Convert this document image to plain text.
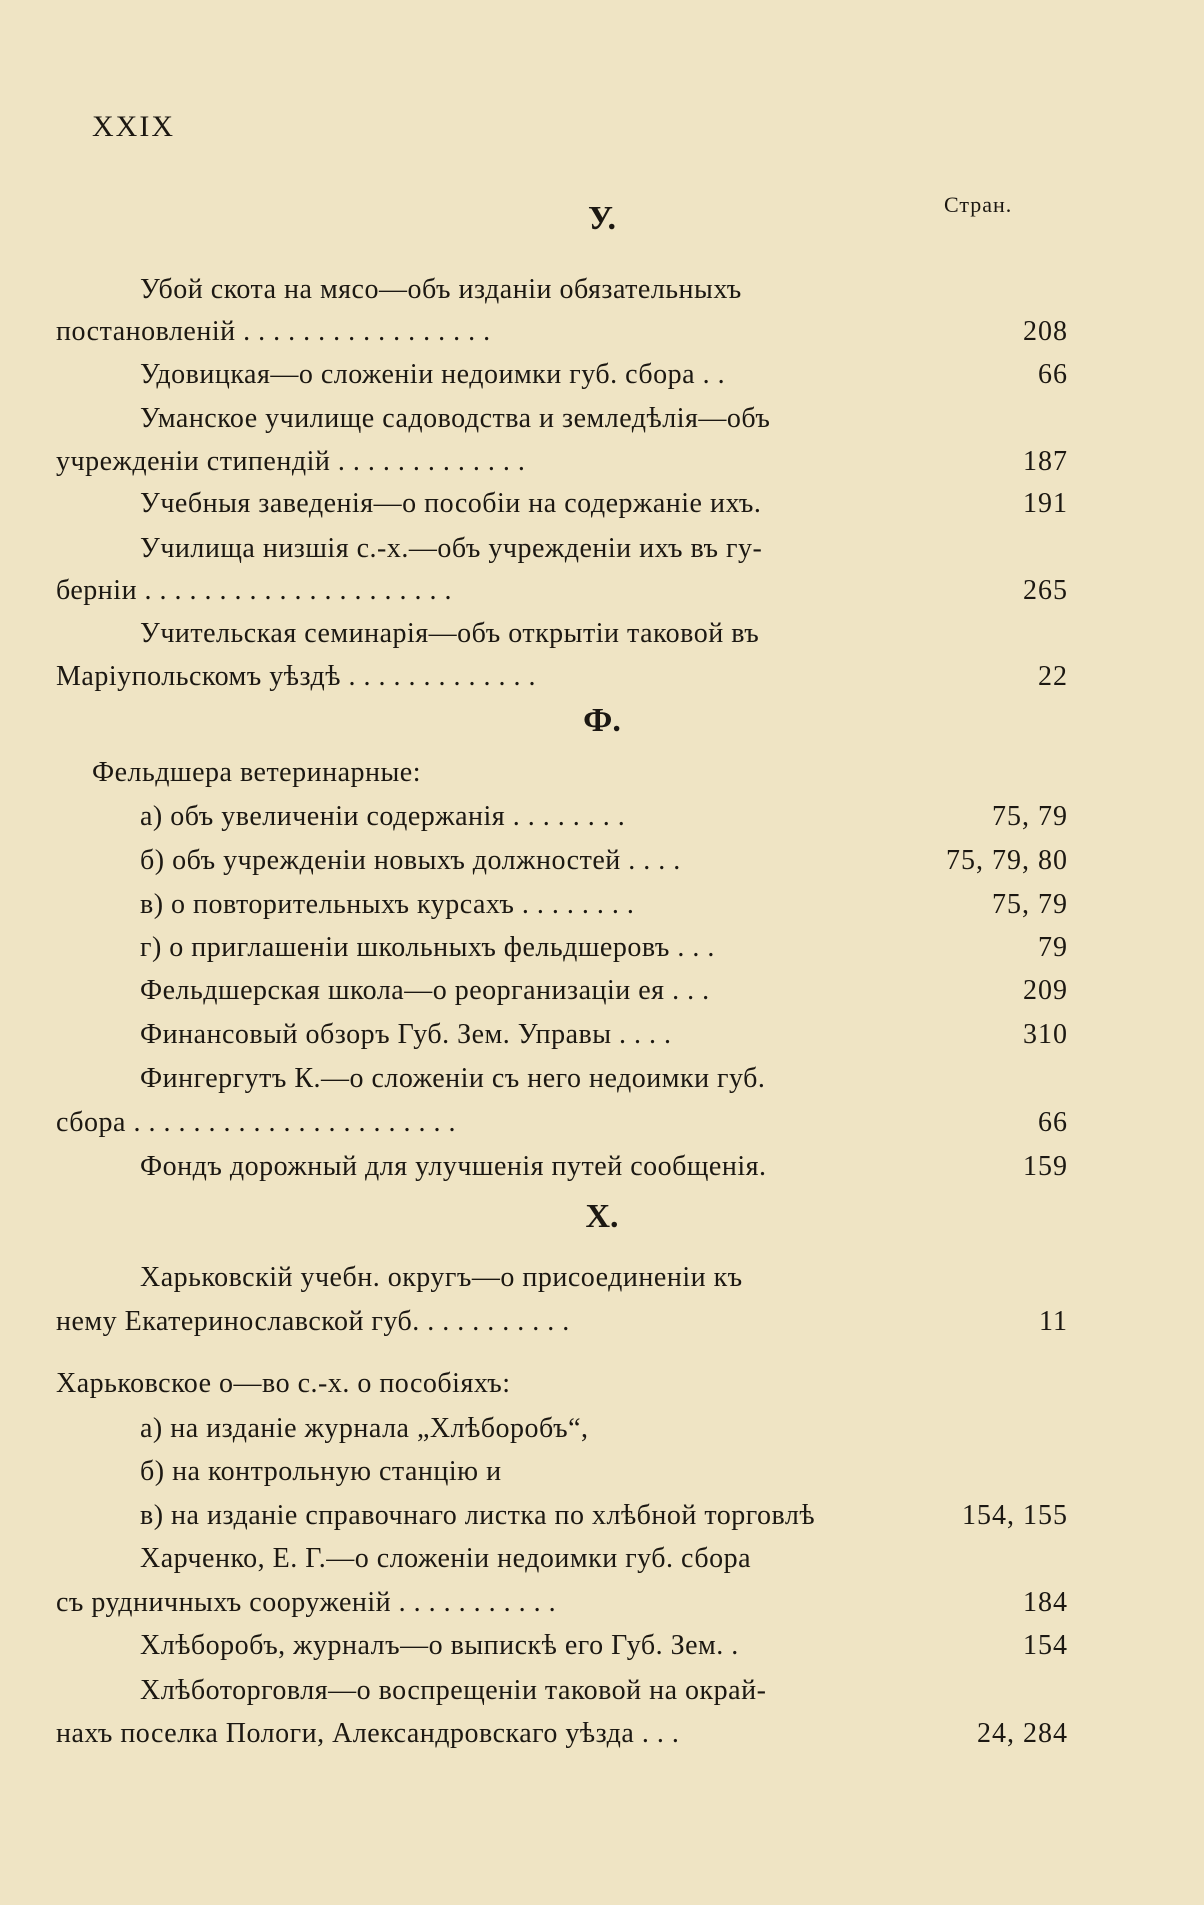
XXIX
Стран.
У.
Убой скота на мясо—объ изданіи обязательныхъ
постановленій . . . . . . . . . . . . . . . . .	208
Удовицкая—о сложеніи недоимки губ. сбора . .	66
Уманское училище садоводства и земледѣлія—объ
учрежденіи стипендій . . . . . . . . . . . . .	187
Учебныя заведенія—о пособіи на содержаніе ихъ.	191
Училища низшія с.-х.—объ учрежденіи ихъ въ гу-
берніи . . . . . . . . . . . . . . . . . . . . .	265
Учительская семинарія—объ открытіи таковой въ
Маріупольскомъ уѣздѣ . . . . . . . . . . . . .	22
Ф.
Фельдшера ветеринарные:
а) объ увеличеніи содержанія . . . . . . . .	75, 79
б) объ учрежденіи новыхъ должностей . . . .	75, 79, 80
в) о повторительныхъ курсахъ . . . . . . . .	75, 79
г) о приглашеніи школьныхъ фельдшеровъ . . .	79
Фельдшерская школа—о реорганизаціи ея . . .	209
Финансовый обзоръ Губ. Зем. Управы . . . .	310
Фингергутъ К.—о сложеніи съ него недоимки губ.
сбора . . . . . . . . . . . . . . . . . . . . . .	66
Фондъ дорожный для улучшенія путей сообщенія.	159
Х.
Харьковскій учебн. округъ—о присоединеніи къ
нему Екатеринославской губ. . . . . . . . . . .	11
Харьковское о—во с.-х. о пособіяхъ:
а) на изданіе журнала „Хлѣборобъ“,
б) на контрольную станцію и
в) на изданіе справочнаго листка по хлѣбной торговлѣ	154, 155
Харченко, Е. Г.—о сложеніи недоимки губ. сбора
съ рудничныхъ сооруженій . . . . . . . . . . .	184
Хлѣборобъ, журналъ—о выпискѣ его Губ. Зем. .	154
Хлѣботорговля—о воспрещеніи таковой на окрай-
нахъ поселка Пологи, Александровскаго уѣзда . . .	24, 284
